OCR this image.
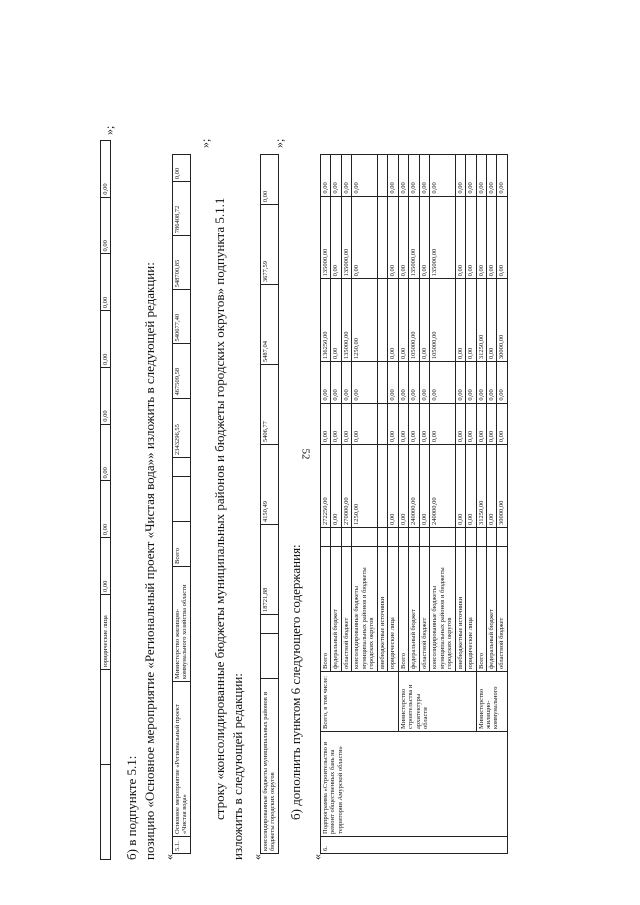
52
		юридические лица	0,00	0,00	0,00	0,00	0,00	0,00	0,00	0,00
»;
б) в подпункте 5.1: позицию «Основное мероприятие «Региональный проект «Чистая вода»» изложить в следующей редакции: «
5.1.	Основное мероприятие «Региональный проект «Чистая вода»	Министерство жилищно-коммунального хозяйства области	Всего			2343296,55	467509,58	540677,40	548700,85	786408,72	0,00
»;
строку «консолидированные бюджеты муниципальных районов и бюджеты городских округов» подпункта 5.1.1 изложить в следующей редакции: «
консолидированные бюджеты муниципальных районов и бюджеты городских округов			18721,88	4150,49	5406,77	5487,04	3677,59	0,00
»;
б) дополнить пунктом 6 следующего содержания:
«
6.	Подпрограмма «Строительство и ремонт общественных бань на территории Амурской области»	Всего, в том числе:	Всего		272250,00	0,00	0,00	136250,00	135000,00	0,00
			федеральный бюджет		0,00	0,00	0,00	0,00	0,00	0,00
			областной бюджет		270000,00	0,00	0,00	135000,00	135000,00	0,00
			консолидированные бюджеты муниципальных районов и бюджеты городских округов		1250,00	0,00	0,00	1250,00	0,00	0,00
			внебюджетные источники							
			юридические лица		0,00	0,00	0,00	0,00	0,00	0,00
		Министерство строительства и архитектуры области	Всего		0,00	0,00	0,00	0,00	0,00	0,00
			федеральный бюджет		240000,00	0,00	0,00	105000,00	135000,00	0,00
			областной бюджет		0,00	0,00	0,00	0,00	0,00	0,00
			консолидированные бюджеты муниципальных районов и бюджеты городских округов		240000,00	0,00	0,00	105000,00	135000,00	0,00
			внебюджетные источники		0,00	0,00	0,00	0,00	0,00	0,00
			юридические лица		0,00	0,00	0,00	0,00	0,00	0,00
		Министерство жилищно-коммунального	Всего		31250,00	0,00	0,00	31250,00	0,00	0,00
			федеральный бюджет		0,00	0,00	0,00	0,00	0,00	0,00
			областной бюджет		30000,00	0,00	0,00	30000,00	0,00	0,00
